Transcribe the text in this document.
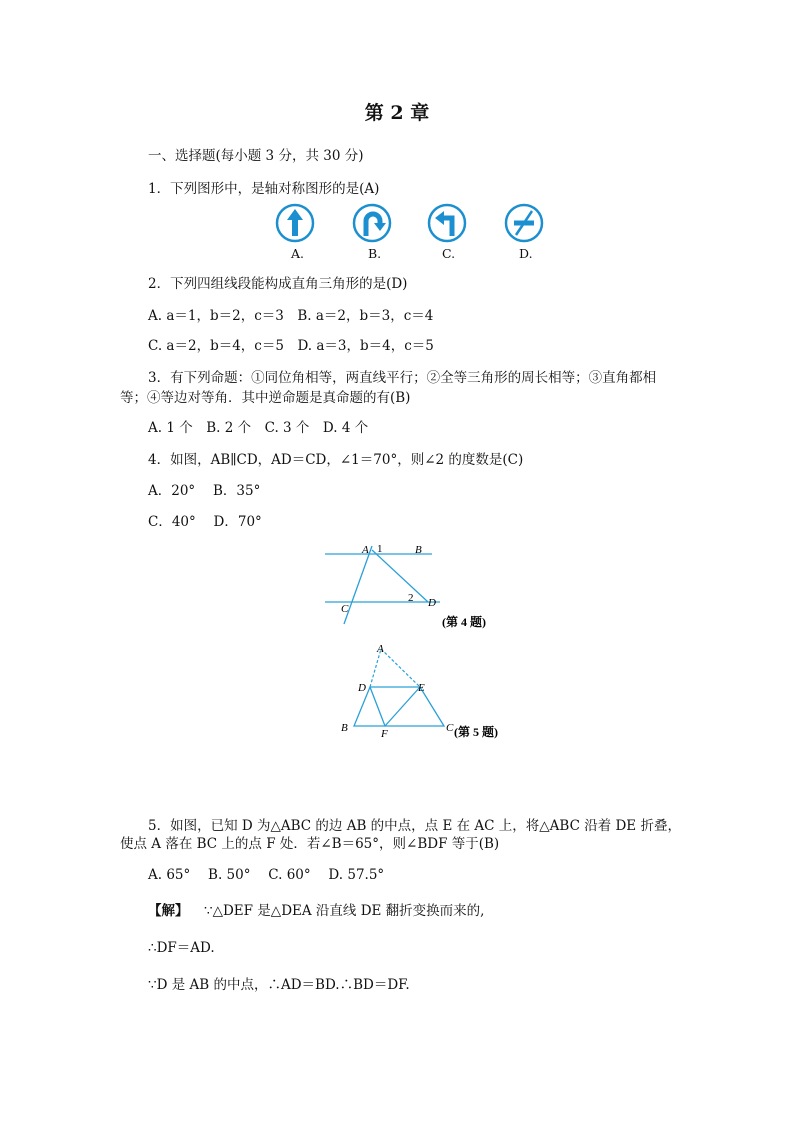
第 2 章
一、选择题(每小题 3 分，共 30 分)
1．下列图形中，是轴对称图形的是(A)
A.	B.	C.	D.
2．下列四组线段能构成直角三角形的是(D)
A. a＝1，b＝2，c＝3　B. a＝2，b＝3，c＝4
C. a＝2，b＝4，c＝5　D. a＝3，b＝4，c＝5
3．有下列命题：①同位角相等，两直线平行；②全等三角形的周长相等；③直角都相
等；④等边对等角．其中逆命题是真命题的有(B)
A. 1 个　B. 2 个　C. 3 个　D. 4 个
4．如图，AB∥CD，AD＝CD，∠1＝70°，则∠2 的度数是(C)
A．20°　 B．35°
C．40°　 D．70°
A 1	B
2 D
C
(第 4 题)
A
D	E
B	F	C (第 5 题)
5．如图，已知 D 为△ABC 的边 AB 的中点，点 E 在 AC 上，将△ABC 沿着 DE 折叠，
使点 A 落在 BC 上的点 F 处．若∠B＝65°，则∠BDF 等于(B)
A. 65°　 B. 50°　 C. 60°　 D. 57.5°
【解】 ∵△DEF 是△DEA 沿直线 DE 翻折变换而来的,
∴DF＝AD.
∵D 是 AB 的中点，∴AD＝BD.∴BD＝DF.
